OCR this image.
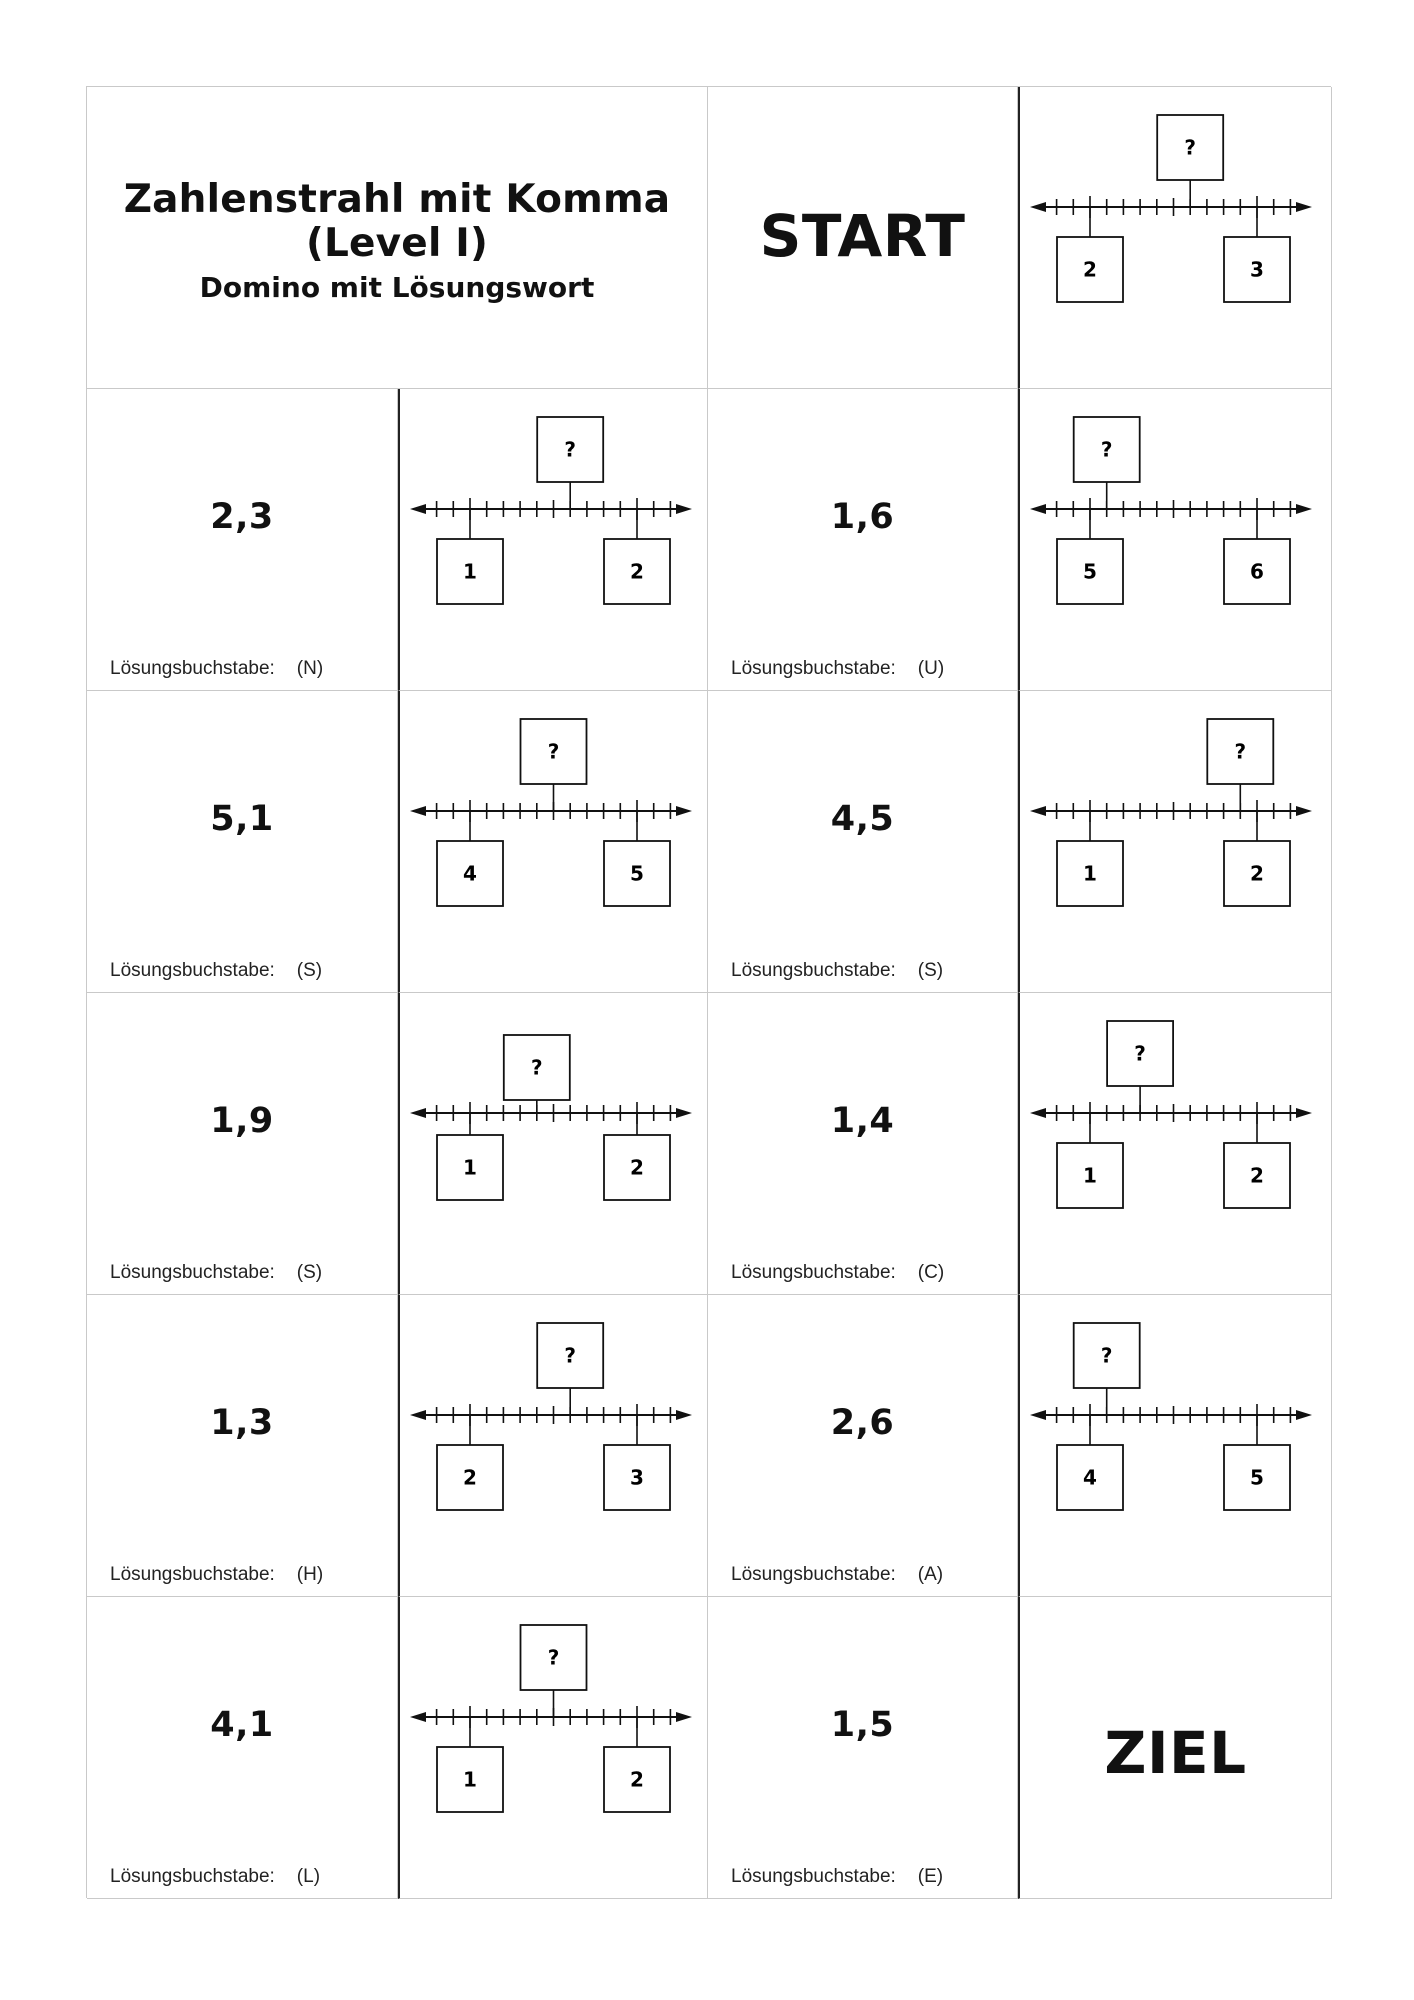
Zahlenstrahl mit Komma
(Level I)
Domino mit Lösungswort
START	2	3
?
2,3
Lösungsbuchstabe: (N)
1	2
?
1,6
Lösungsbuchstabe: (U)
5	6
?
5,1
Lösungsbuchstabe: (S)
4	5
?
4,5
Lösungsbuchstabe: (S)
1	2
?
1,9
Lösungsbuchstabe: (S)
1	2
?
1,4
Lösungsbuchstabe: (C)
1	2
?
1,3
Lösungsbuchstabe: (H)
2	3
?
2,6
Lösungsbuchstabe: (A)
4	5
?
4,1
Lösungsbuchstabe: (L)
1	2
?
1,5
Lösungsbuchstabe: (E)
ZIEL
